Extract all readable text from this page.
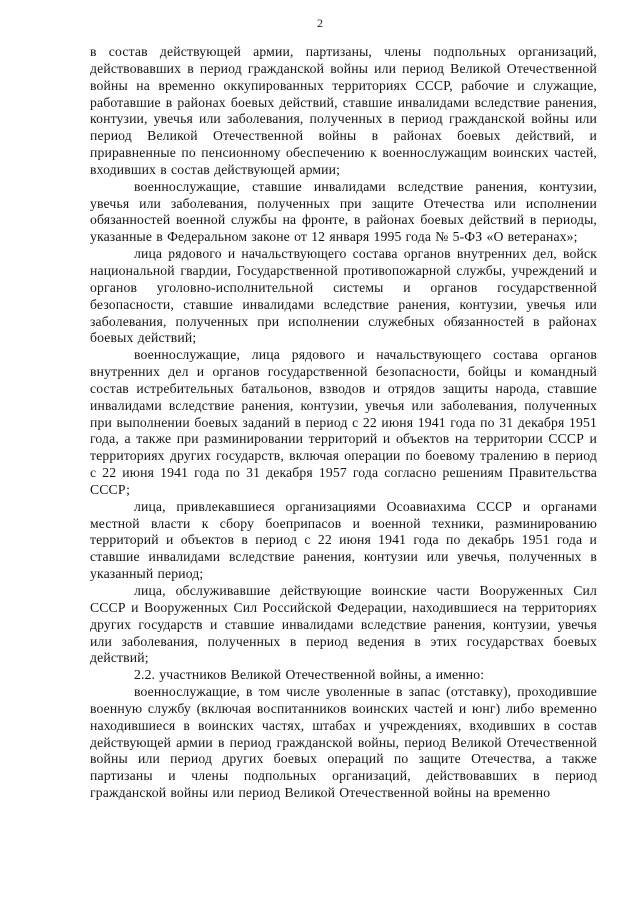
2

в состав действующей армии, партизаны, члены подпольных организаций, действовавших в период гражданской войны или период Великой Отечественной войны на временно оккупированных территориях СССР, рабочие и служащие, работавшие в районах боевых действий, ставшие инвалидами вследствие ранения, контузии, увечья или заболевания, полученных в период гражданской войны или период Великой Отечественной войны в районах боевых действий, и приравненные по пенсионному обеспечению к военнослужащим воинских частей, входивших в состав действующей армии;

военнослужащие, ставшие инвалидами вследствие ранения, контузии, увечья или заболевания, полученных при защите Отечества или исполнении обязанностей военной службы на фронте, в районах боевых действий в периоды, указанные в Федеральном законе от 12 января 1995 года № 5-ФЗ «О ветеранах»;

лица рядового и начальствующего состава органов внутренних дел, войск национальной гвардии, Государственной противопожарной службы, учреждений и органов уголовно-исполнительной системы и органов государственной безопасности, ставшие инвалидами вследствие ранения, контузии, увечья или заболевания, полученных при исполнении служебных обязанностей в районах боевых действий;

военнослужащие, лица рядового и начальствующего состава органов внутренних дел и органов государственной безопасности, бойцы и командный состав истребительных батальонов, взводов и отрядов защиты народа, ставшие инвалидами вследствие ранения, контузии, увечья или заболевания, полученных при выполнении боевых заданий в период с 22 июня 1941 года по 31 декабря 1951 года, а также при разминировании территорий и объектов на территории СССР и территориях других государств, включая операции по боевому тралению в период с 22 июня 1941 года по 31 декабря 1957 года согласно решениям Правительства СССР;

лица, привлекавшиеся организациями Осоавиахима СССР и органами местной власти к сбору боеприпасов и военной техники, разминированию территорий и объектов в период с 22 июня 1941 года по декабрь 1951 года и ставшие инвалидами вследствие ранения, контузии или увечья, полученных в указанный период;

лица, обслуживавшие действующие воинские части Вооруженных Сил СССР и Вооруженных Сил Российской Федерации, находившиеся на территориях других государств и ставшие инвалидами вследствие ранения, контузии, увечья или заболевания, полученных в период ведения в этих государствах боевых действий;

2.2. участников Великой Отечественной войны, а именно:

военнослужащие, в том числе уволенные в запас (отставку), проходившие военную службу (включая воспитанников воинских частей и юнг) либо временно находившиеся в воинских частях, штабах и учреждениях, входивших в состав действующей армии в период гражданской войны, период Великой Отечественной войны или период других боевых операций по защите Отечества, а также партизаны и члены подпольных организаций, действовавших в период гражданской войны или период Великой Отечественной войны на временно
